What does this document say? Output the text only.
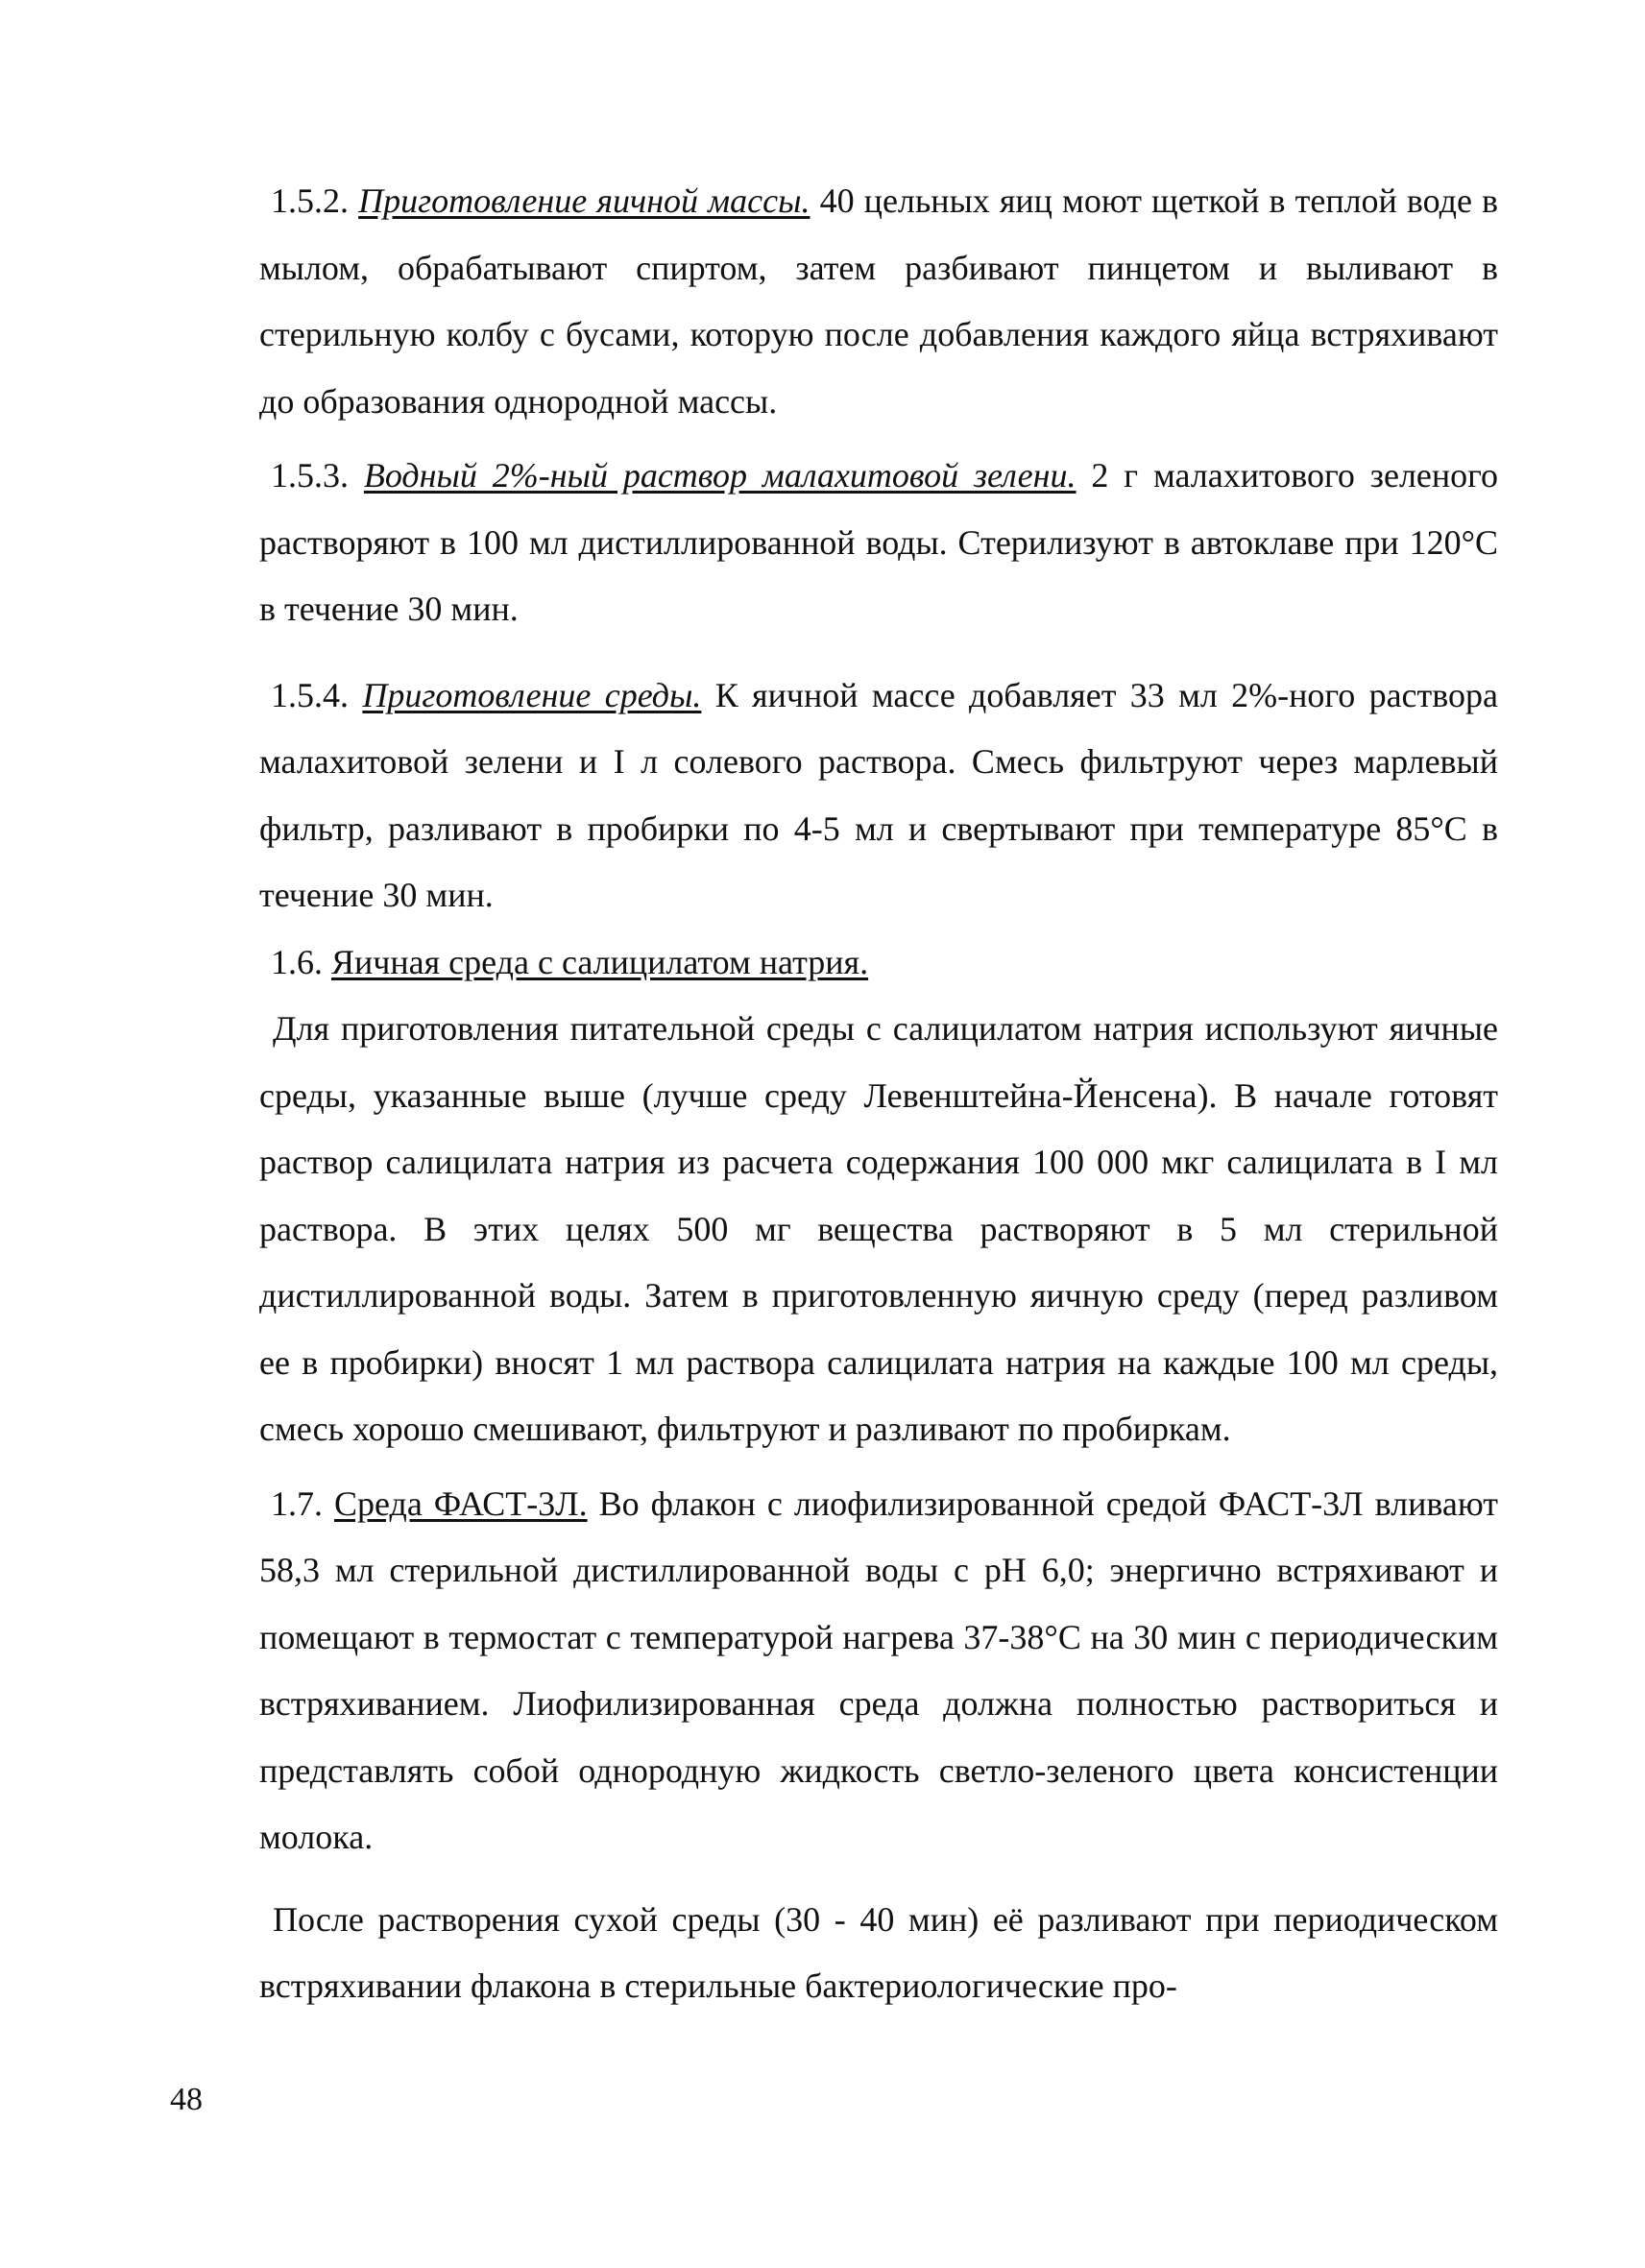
1.5.2. Приготовление яичной массы. 40 цельных яиц моют щеткой в теплой воде в мылом, обрабатывают спиртом, затем разбивают пинцетом и выливают в стерильную колбу с бусами, которую после добавления каждого яйца встряхивают до образования однородной массы.

1.5.3. Водный 2%-ный раствор малахитовой зелени. 2 г малахитового зеленого растворяют в 100 мл дистиллированной воды. Стерилизуют в автоклаве при 120°С в течение 30 мин.

1.5.4. Приготовление среды. К яичной массе добавляет 33 мл 2%-ного раствора малахитовой зелени и I л солевого раствора. Смесь фильтруют через марлевый фильтр, разливают в пробирки по 4-5 мл и свертывают при температуре 85°С в течение 30 мин.

1.6. Яичная среда с салицилатом натрия.

Для приготовления питательной среды с салицилатом натрия используют яичные среды, указанные выше (лучше среду Левенштейна-Йенсена). В начале готовят раствор салицилата натрия из расчета содержания 100 000 мкг салицилата в I мл раствора. В этих целях 500 мг вещества растворяют в 5 мл стерильной дистиллированной воды. Затем в приготовленную яичную среду (перед разливом ее в пробирки) вносят 1 мл раствора салицилата натрия на каждые 100 мл среды, смесь хорошо смешивают, фильтруют и разливают по пробиркам.

1.7. Среда ФАСТ-3Л. Во флакон с лиофилизированной средой ФАСТ-3Л вливают 58,3 мл стерильной дистиллированной воды с рН 6,0; энергично встряхивают и помещают в термостат с температурой нагрева 37-38°С на 30 мин с периодическим встряхиванием. Лиофилизированная среда должна полностью раствориться и представлять собой однородную жидкость светло-зеленого цвета консистенции молока.

После растворения сухой среды (30 - 40 мин) её разливают при периодическом встряхивании флакона в стерильные бактериологические про-

48
